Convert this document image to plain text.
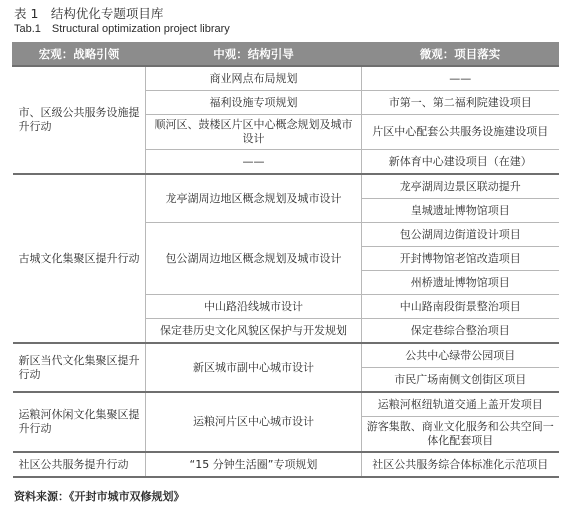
表 1　结构优化专题项目库
Tab.1　Structural optimization project library
宏观：战略引领	中观：结构引导	微观：项目落实
市、区级公共服务设施提升行动	商业网点布局规划	——
	福利设施专项规划	市第一、第二福利院建设项目
	顺河区、鼓楼区片区中心概念规划及城市设计	片区中心配套公共服务设施建设项目
	——	新体育中心建设项目（在建）
古城文化集聚区提升行动	龙亭湖周边地区概念规划及城市设计	龙亭湖周边景区联动提升
		皇城遗址博物馆项目
	包公湖周边地区概念规划及城市设计	包公湖周边街道设计项目
		开封博物馆老馆改造项目
		州桥遗址博物馆项目
	中山路沿线城市设计	中山路南段街景整治项目
	保定巷历史文化风貌区保护与开发规划	保定巷综合整治项目
新区当代文化集聚区提升行动	新区城市副中心城市设计	公共中心绿带公园项目
		市民广场南侧文创街区项目
运粮河休闲文化集聚区提升行动	运粮河片区中心城市设计	运粮河枢纽轨道交通上盖开发项目
		游客集散、商业文化服务和公共空间一体化配套项目
社区公共服务提升行动	“15 分钟生活圈”专项规划	社区公共服务综合体标准化示范项目
资料来源：《开封市城市双修规划》
